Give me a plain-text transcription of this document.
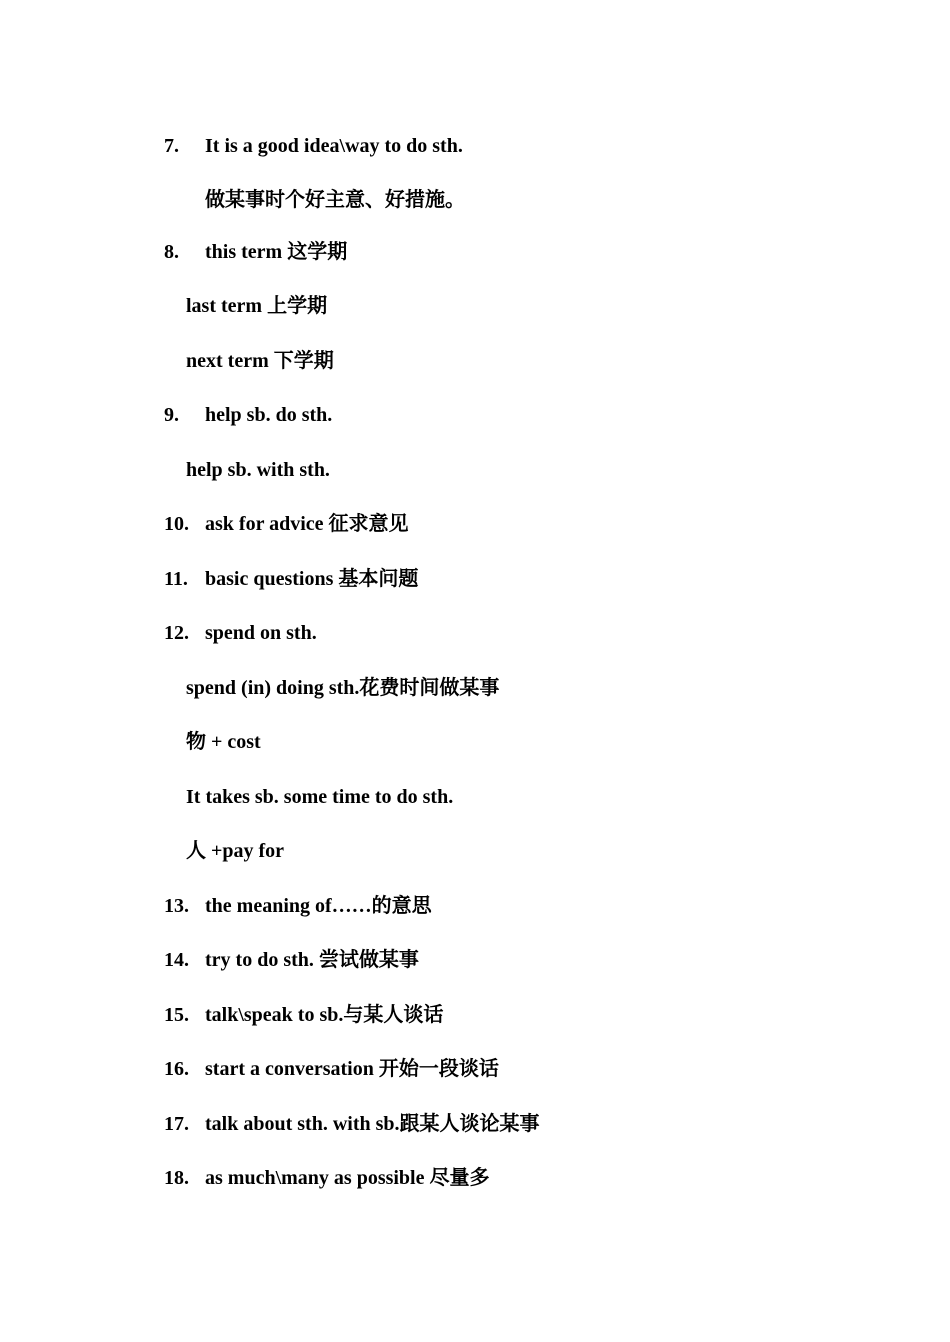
7. It is a good idea\way to do sth.
做某事时个好主意、好措施。
8. this term 这学期
last term 上学期
next term 下学期
9. help sb. do sth.
help sb. with sth.
10. ask for advice 征求意见
11. basic questions 基本问题
12. spend on sth.
spend (in) doing sth.花费时间做某事
物 + cost
It takes sb. some time to do sth.
人 +pay for
13. the meaning of……的意思
14. try to do sth. 尝试做某事
15. talk\speak to sb.与某人谈话
16. start a conversation 开始一段谈话
17. talk about sth. with sb.跟某人谈论某事
18. as much\many as possible 尽量多
